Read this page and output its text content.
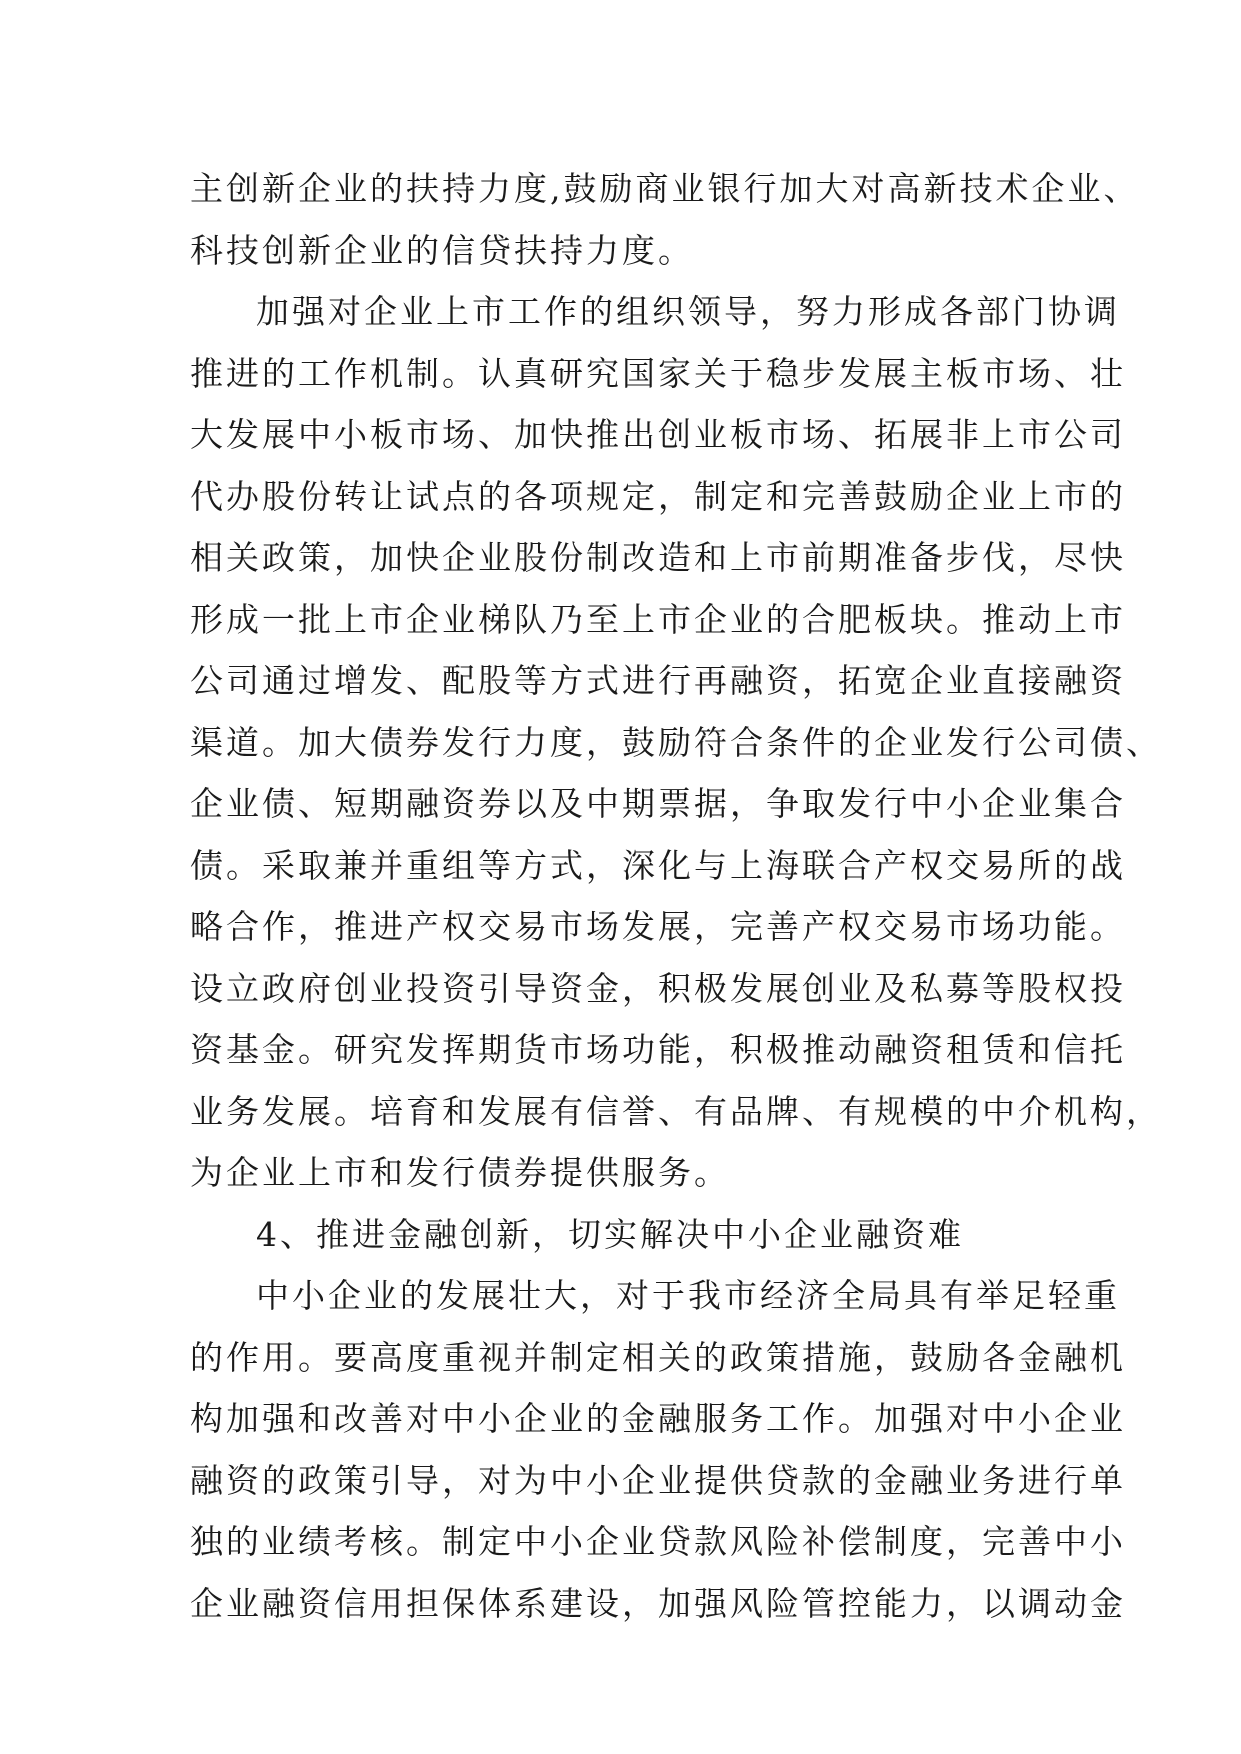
主创新企业的扶持力度,鼓励商业银行加大对高新技术企业、
科技创新企业的信贷扶持力度。
加强对企业上市工作的组织领导，努力形成各部门协调
推进的工作机制。认真研究国家关于稳步发展主板市场、壮
大发展中小板市场、加快推出创业板市场、拓展非上市公司
代办股份转让试点的各项规定，制定和完善鼓励企业上市的
相关政策，加快企业股份制改造和上市前期准备步伐，尽快
形成一批上市企业梯队乃至上市企业的合肥板块。推动上市
公司通过增发、配股等方式进行再融资，拓宽企业直接融资
渠道。加大债券发行力度，鼓励符合条件的企业发行公司债、
企业债、短期融资券以及中期票据，争取发行中小企业集合
债。采取兼并重组等方式，深化与上海联合产权交易所的战
略合作，推进产权交易市场发展，完善产权交易市场功能。
设立政府创业投资引导资金，积极发展创业及私募等股权投
资基金。研究发挥期货市场功能，积极推动融资租赁和信托
业务发展。培育和发展有信誉、有品牌、有规模的中介机构，
为企业上市和发行债券提供服务。
4、推进金融创新，切实解决中小企业融资难
中小企业的发展壮大，对于我市经济全局具有举足轻重
的作用。要高度重视并制定相关的政策措施，鼓励各金融机
构加强和改善对中小企业的金融服务工作。加强对中小企业
融资的政策引导，对为中小企业提供贷款的金融业务进行单
独的业绩考核。制定中小企业贷款风险补偿制度，完善中小
企业融资信用担保体系建设，加强风险管控能力，以调动金
